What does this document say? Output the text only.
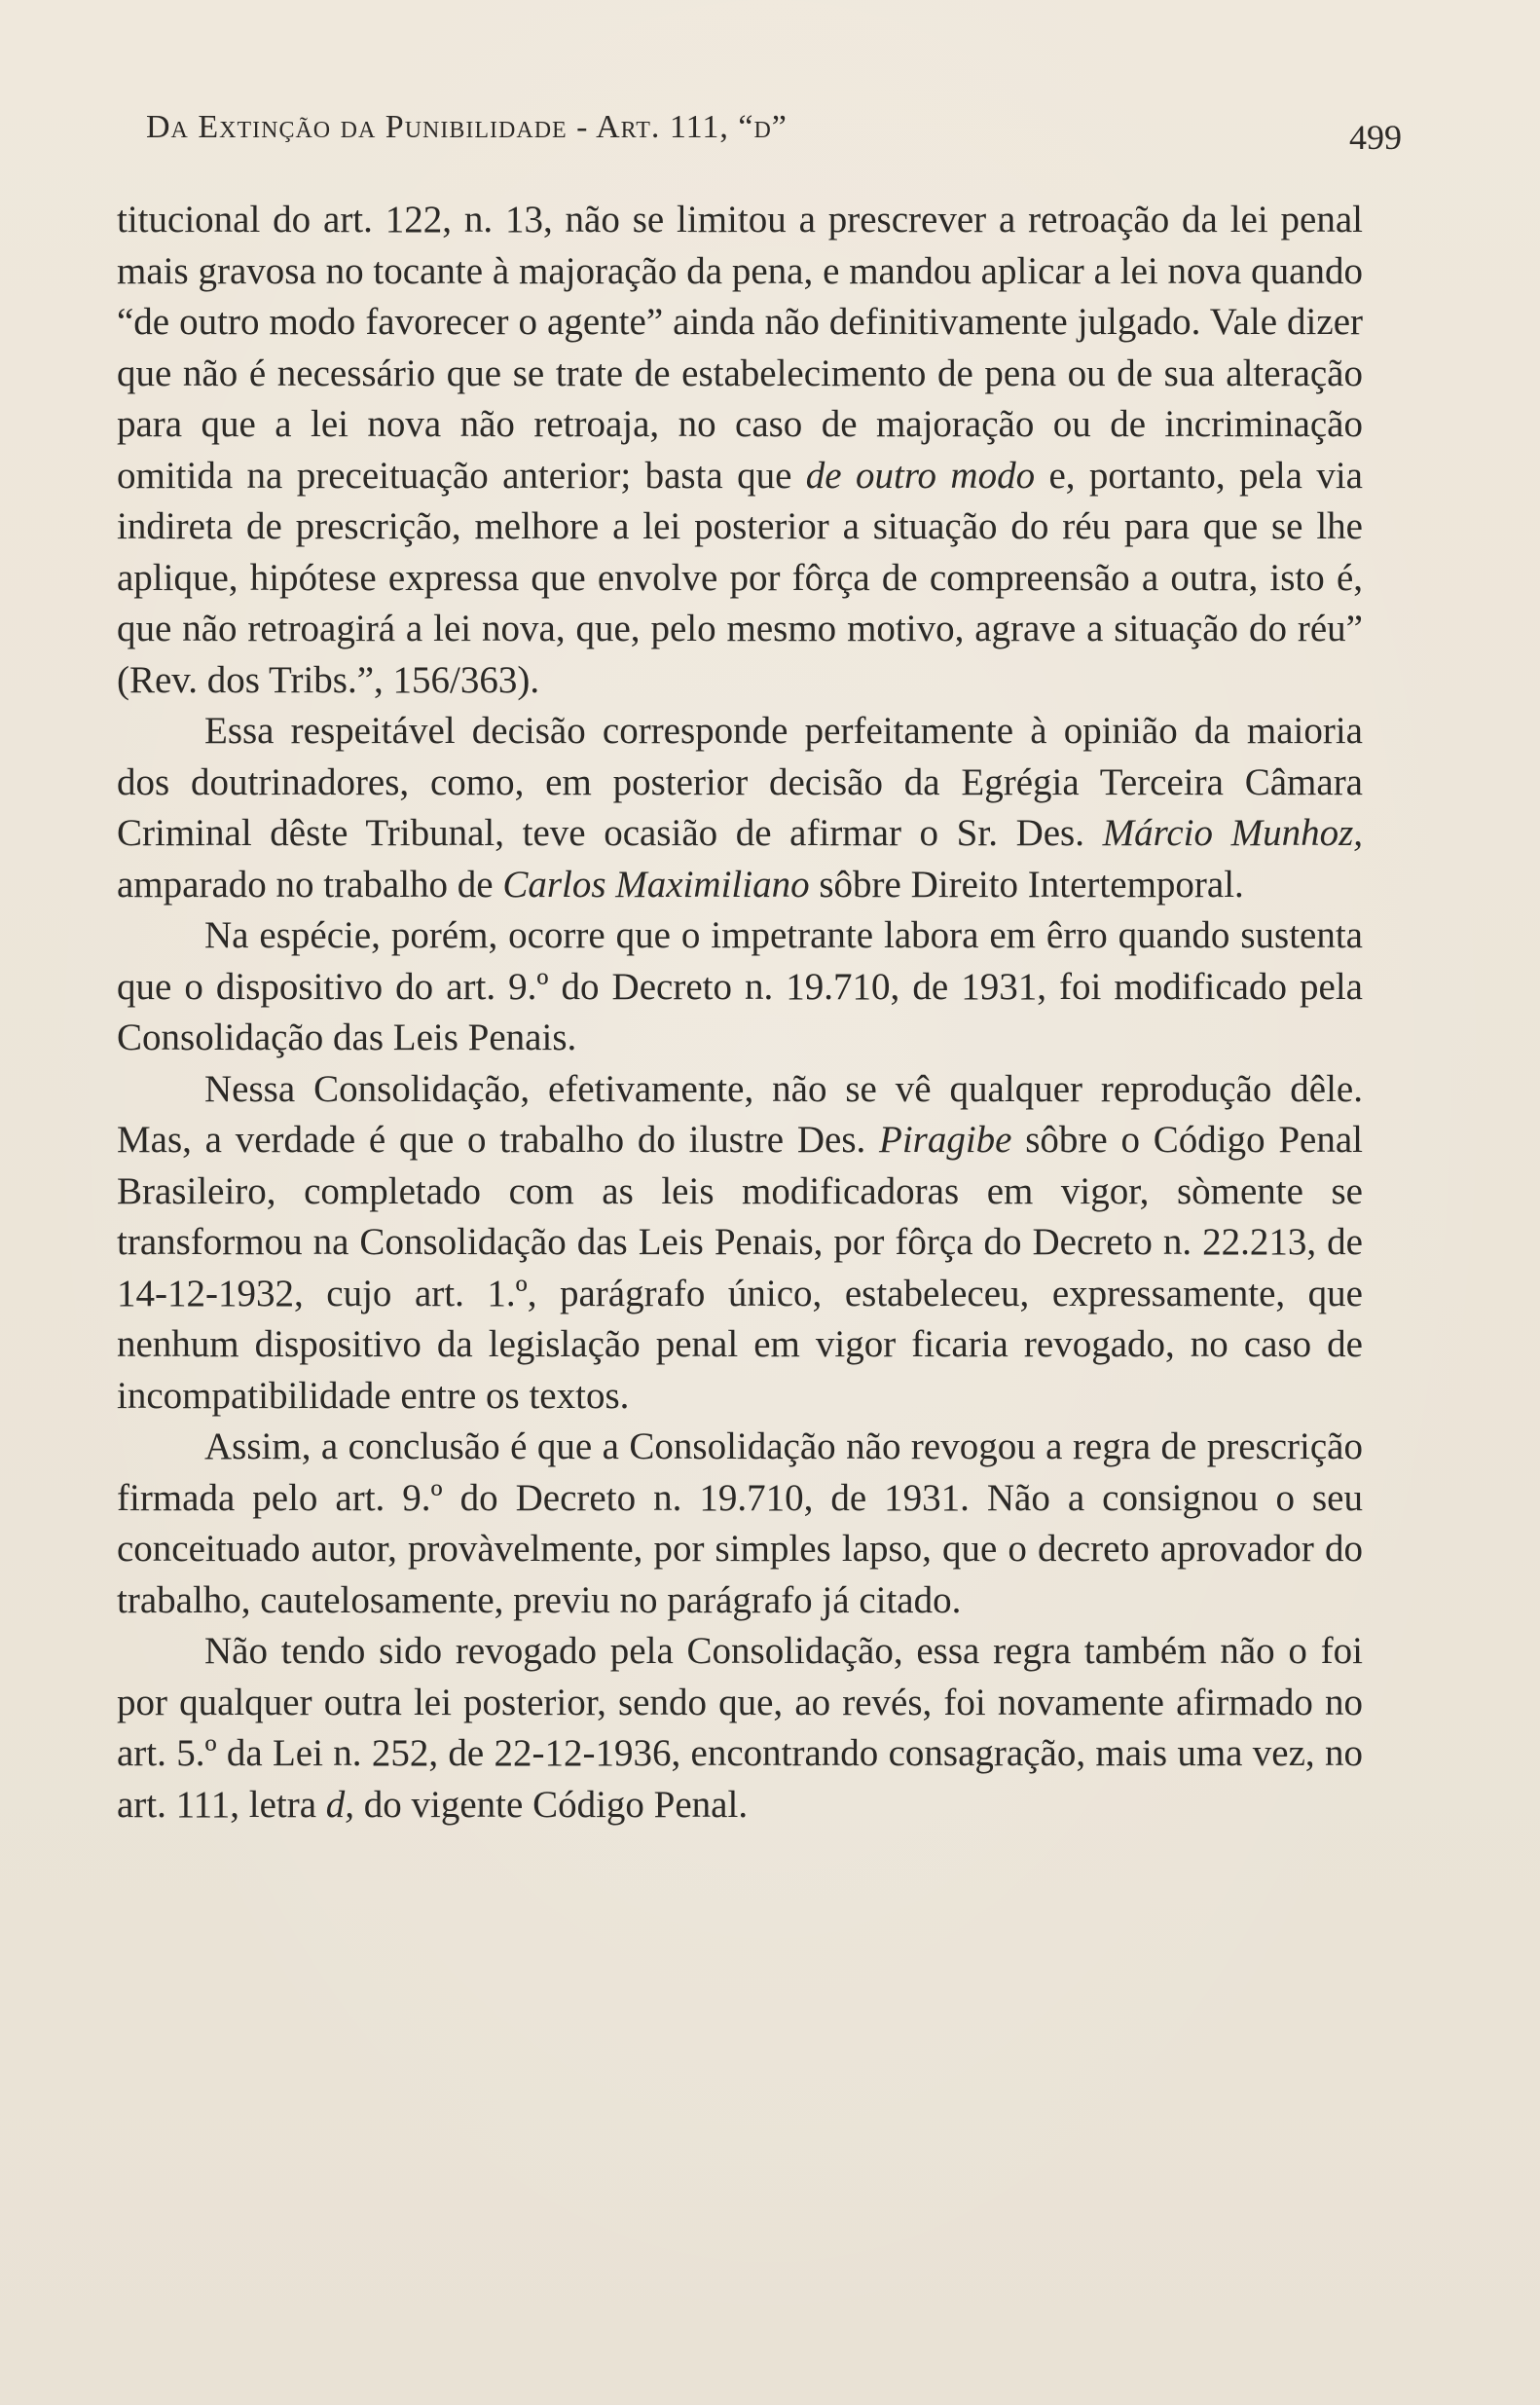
Da Extinção da Punibilidade - Art. 111, “d”	499

titucional do art. 122, n. 13, não se limitou a prescrever a retroação da lei penal mais gravosa no tocante à majoração da pena, e mandou aplicar a lei nova quando “de outro modo favorecer o agente” ainda não definitivamente julgado. Vale dizer que não é necessário que se trate de estabelecimento de pena ou de sua alteração para que a lei nova não retroaja, no caso de majoração ou de incriminação omitida na preceituação anterior; basta que de outro modo e, portanto, pela via indireta de prescrição, melhore a lei posterior a situação do réu para que se lhe aplique, hipótese expressa que envolve por fôrça de compreensão a outra, isto é, que não retroagirá a lei nova, que, pelo mesmo motivo, agrave a situação do réu” (Rev. dos Tribs.”, 156/363).

Essa respeitável decisão corresponde perfeitamente à opinião da maioria dos doutrinadores, como, em posterior decisão da Egrégia Terceira Câmara Criminal dêste Tribunal, teve ocasião de afirmar o Sr. Des. Márcio Munhoz, amparado no trabalho de Carlos Maximiliano sôbre Direito Intertemporal.

Na espécie, porém, ocorre que o impetrante labora em êrro quando sustenta que o dispositivo do art. 9.º do Decreto n. 19.710, de 1931, foi modificado pela Consolidação das Leis Penais.

Nessa Consolidação, efetivamente, não se vê qualquer reprodução dêle. Mas, a verdade é que o trabalho do ilustre Des. Piragibe sôbre o Código Penal Brasileiro, completado com as leis modificadoras em vigor, sòmente se transformou na Consolidação das Leis Penais, por fôrça do Decreto n. 22.213, de 14-12-1932, cujo art. 1.º, parágrafo único, estabeleceu, expressamente, que nenhum dispositivo da legislação penal em vigor ficaria revogado, no caso de incompatibilidade entre os textos.

Assim, a conclusão é que a Consolidação não revogou a regra de prescrição firmada pelo art. 9.º do Decreto n. 19.710, de 1931. Não a consignou o seu conceituado autor, provàvelmente, por simples lapso, que o decreto aprovador do trabalho, cautelosamente, previu no parágrafo já citado.

Não tendo sido revogado pela Consolidação, essa regra também não o foi por qualquer outra lei posterior, sendo que, ao revés, foi novamente afirmado no art. 5.º da Lei n. 252, de 22-12-1936, encontrando consagração, mais uma vez, no art. 111, letra d, do vigente Código Penal.
